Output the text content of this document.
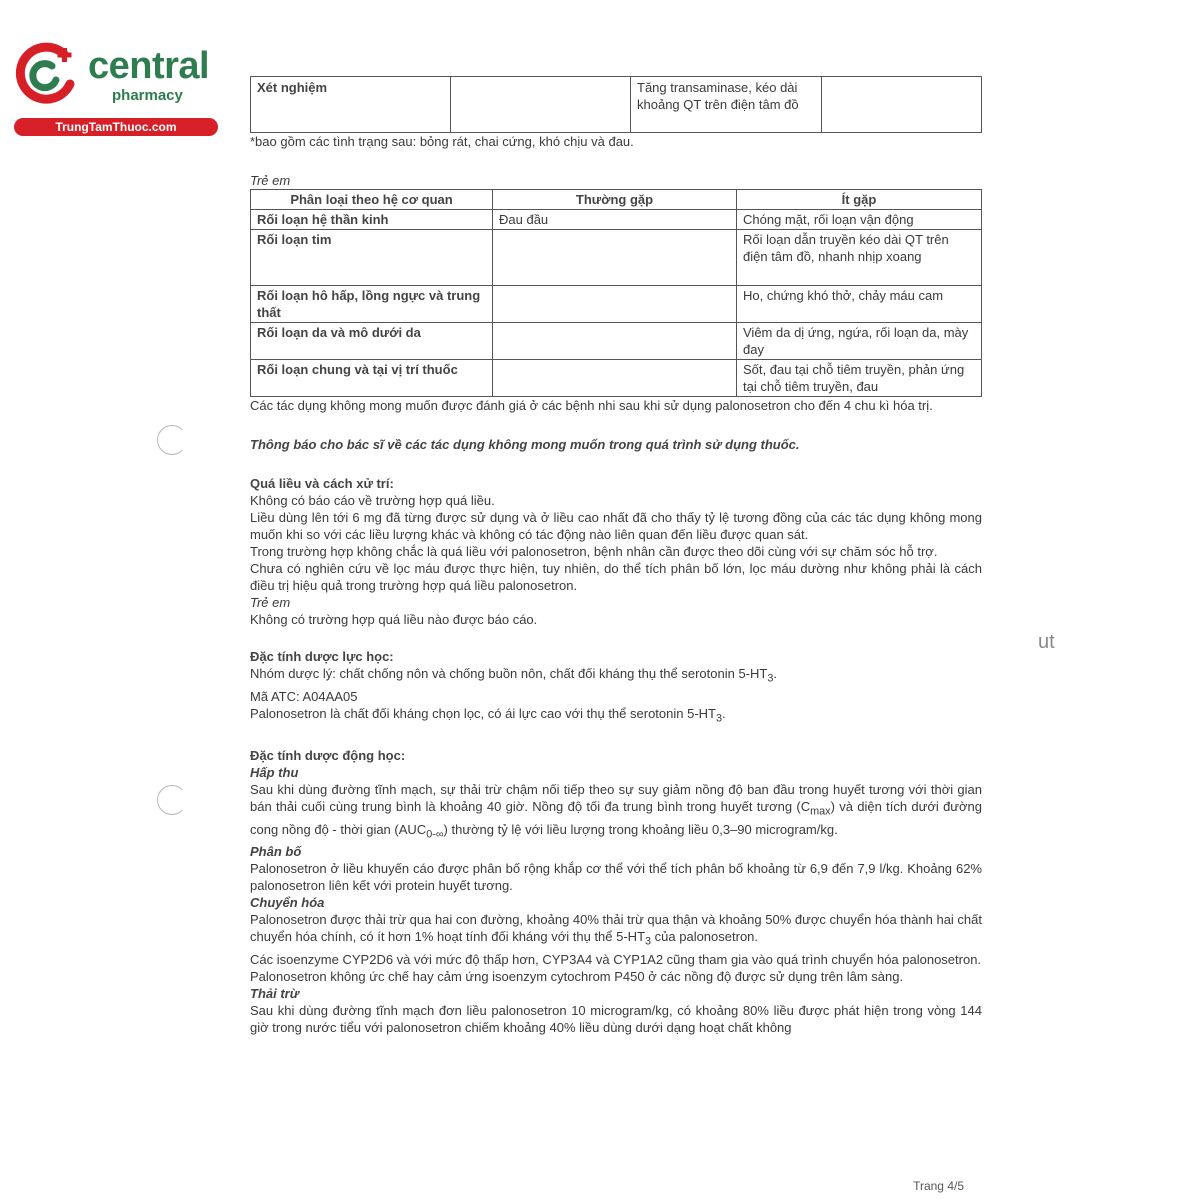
central
pharmacy
TrungTamThuoc.com
ut
Xét nghiệm		Tăng transaminase, kéo dài khoảng QT trên điện tâm đồ	

*bao gồm các tình trạng sau: bỏng rát, chai cứng, khó chịu và đau.

Trẻ em

Phân loại theo hệ cơ quan	Thường gặp	Ít gặp
Rối loạn hệ thần kinh	Đau đầu	Chóng mặt, rối loạn vận động
Rối loạn tim		Rối loạn dẫn truyền kéo dài QT trên điện tâm đồ, nhanh nhịp xoang
Rối loạn hô hấp, lồng ngực và trung thất		Ho, chứng khó thở, chảy máu cam
Rối loạn da và mô dưới da		Viêm da dị ứng, ngứa, rối loạn da, mày đay
Rối loạn chung và tại vị trí thuốc		Sốt, đau tại chỗ tiêm truyền, phản ứng tại chỗ tiêm truyền, đau

Các tác dụng không mong muốn được đánh giá ở các bệnh nhi sau khi sử dụng palonosetron cho đến 4 chu kì hóa trị.

Thông báo cho bác sĩ về các tác dụng không mong muốn trong quá trình sử dụng thuốc.

Quá liều và cách xử trí:

Không có báo cáo về trường hợp quá liều.

Liều dùng lên tới 6 mg đã từng được sử dụng và ở liều cao nhất đã cho thấy tỷ lệ tương đồng của các tác dụng không mong muốn khi so với các liều lượng khác và không có tác động nào liên quan đến liều được quan sát.

Trong trường hợp không chắc là quá liều với palonosetron, bệnh nhân cần được theo dõi cùng với sự chăm sóc hỗ trợ.

Chưa có nghiên cứu về lọc máu được thực hiện, tuy nhiên, do thể tích phân bố lớn, lọc máu dường như không phải là cách điều trị hiệu quả trong trường hợp quá liều palonosetron.

Trẻ em

Không có trường hợp quá liều nào được báo cáo.

Đặc tính dược lực học:

Nhóm dược lý: chất chống nôn và chống buồn nôn, chất đối kháng thụ thể serotonin $5-HT_3$.

Mã ATC: A04AA05

Palonosetron là chất đối kháng chọn lọc, có ái lực cao với thụ thể serotonin $5-HT_3$.

Đặc tính dược động học:

Hấp thu

Sau khi dùng đường tĩnh mạch, sự thải trừ chậm nối tiếp theo sự suy giảm nồng độ ban đầu trong huyết tương với thời gian bán thải cuối cùng trung bình là khoảng 40 giờ. Nồng độ tối đa trung bình trong huyết tương $(C_{max})$ và diện tích dưới đường cong nồng độ - thời gian $(AUC_{0-\infty})$ thường tỷ lệ với liều lượng trong khoảng liều 0,3–90 microgram/kg.

Phân bố

Palonosetron ở liều khuyến cáo được phân bố rộng khắp cơ thể với thể tích phân bố khoảng từ 6,9 đến 7,9 l/kg. Khoảng 62% palonosetron liên kết với protein huyết tương.

Chuyển hóa

Palonosetron được thải trừ qua hai con đường, khoảng 40% thải trừ qua thận và khoảng 50% được chuyển hóa thành hai chất chuyển hóa chính, có ít hơn 1% hoạt tính đối kháng với thụ thể $5-HT_3$ của palonosetron.

Các isoenzyme CYP2D6 và với mức độ thấp hơn, CYP3A4 và CYP1A2 cũng tham gia vào quá trình chuyển hóa palonosetron.

Palonosetron không ức chế hay cảm ứng isoenzym cytochrom P450 ở các nồng độ được sử dụng trên lâm sàng.

Thải trừ

Sau khi dùng đường tĩnh mạch đơn liều palonosetron 10 microgram/kg, có khoảng 80% liều được phát hiện trong vòng 144 giờ trong nước tiểu với palonosetron chiếm khoảng 40% liều dùng dưới dạng hoạt chất không

Trang 4/5
